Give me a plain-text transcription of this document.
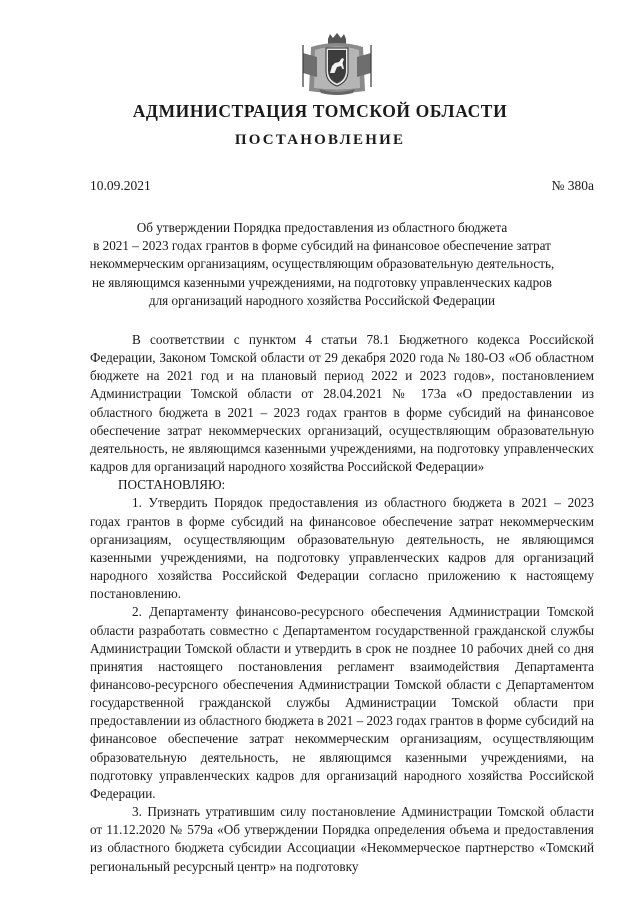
АДМИНИСТРАЦИЯ ТОМСКОЙ ОБЛАСТИ
ПОСТАНОВЛЕНИЕ
10.09.2021	№ 380а
Об утверждении Порядка предоставления из областного бюджета
в 2021 – 2023 годах грантов в форме субсидий на финансовое обеспечение затрат
некоммерческим организациям, осуществляющим образовательную деятельность,
не являющимся казенными учреждениями, на подготовку управленческих кадров
для организаций народного хозяйства Российской Федерации

В соответствии с пунктом 4 статьи 78.1 Бюджетного кодекса Российской Федерации, Законом Томской области от 29 декабря 2020 года № 180-ОЗ «Об областном бюджете на 2021 год и на плановый период 2022 и 2023 годов», постановлением Администрации Томской области от 28.04.2021 № 173а «О предоставлении из областного бюджета в 2021 – 2023 годах грантов в форме субсидий на финансовое обеспечение затрат некоммерческих организаций, осуществляющим образовательную деятельность, не являющимся казенными учреждениями, на подготовку управленческих кадров для организаций народного хозяйства Российской Федерации»

ПОСТАНОВЛЯЮ:

1. Утвердить Порядок предоставления из областного бюджета в 2021 – 2023 годах грантов в форме субсидий на финансовое обеспечение затрат некоммерческим организациям, осуществляющим образовательную деятельность, не являющимся казенными учреждениями, на подготовку управленческих кадров для организаций народного хозяйства Российской Федерации согласно приложению к настоящему постановлению.

2. Департаменту финансово-ресурсного обеспечения Администрации Томской области разработать совместно с Департаментом государственной гражданской службы Администрации Томской области и утвердить в срок не позднее 10 рабочих дней со дня принятия настоящего постановления регламент взаимодействия Департамента финансово-ресурсного обеспечения Администрации Томской области с Департаментом государственной гражданской службы Администрации Томской области при предоставлении из областного бюджета в 2021 – 2023 годах грантов в форме субсидий на финансовое обеспечение затрат некоммерческим организациям, осуществляющим образовательную деятельность, не являющимся казенными учреждениями, на подготовку управленческих кадров для организаций народного хозяйства Российской Федерации.

3. Признать утратившим силу постановление Администрации Томской области от 11.12.2020 № 579а «Об утверждении Порядка определения объема и предоставления из областного бюджета субсидии Ассоциации «Некоммерческое партнерство «Томский региональный ресурсный центр» на подготовку
